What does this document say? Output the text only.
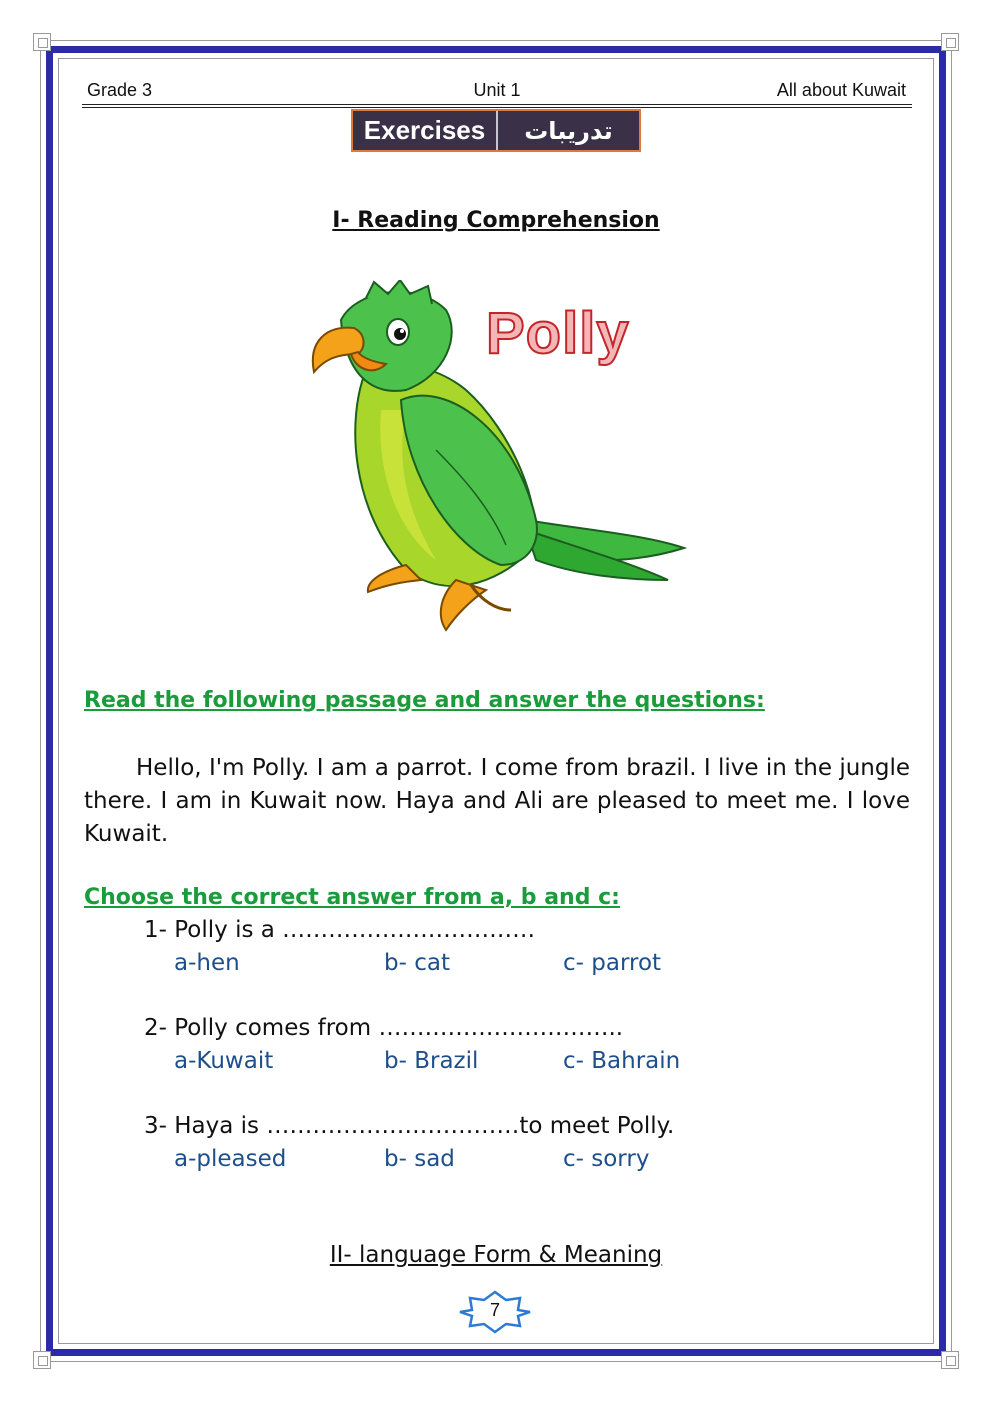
Grade 3	Unit 1	All about Kuwait
Exercises	تدريبات
I- Reading Comprehension
Polly
Read the following passage and answer the questions:
Hello, I'm Polly. I am a parrot. I come from brazil. I live in the jungle there. I am in Kuwait now. Haya and Ali are pleased to meet me. I love Kuwait.
Choose the correct answer from a, b and c:
1- Polly is a ……………………………
a-hen	b- cat	c- parrot
2- Polly comes from …………………………..
a-Kuwait	b- Brazil	c- Bahrain
3- Haya is ……………………………to meet Polly.
a-pleased	b- sad	c- sorry
II- language Form & Meaning
7
